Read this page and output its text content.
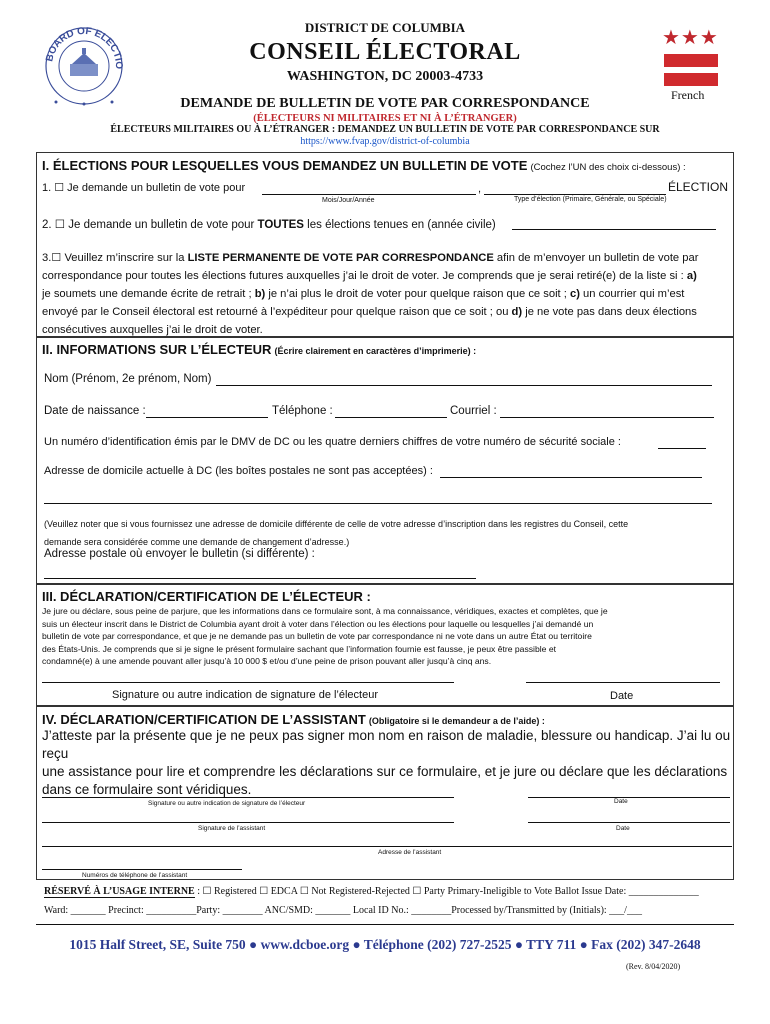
BOARD OF ELECTIO
DISTRICT DE COLUMBIA
CONSEIL ÉLECTORAL
WASHINGTON, DC 20003-4733
★★★
French
DEMANDE DE BULLETIN DE VOTE PAR CORRESPONDANCE
(ÉLECTEURS NI MILITAIRES ET NI À L’ÉTRANGER)
ÉLECTEURS MILITAIRES OU À L’ÉTRANGER : DEMANDEZ UN BULLETIN DE VOTE PAR CORRESPONDANCE SUR
https://www.fvap.gov/district-of-columbia
I. ÉLECTIONS POUR LESQUELLES VOUS DEMANDEZ UN BULLETIN DE VOTE (Cochez l’UN des choix ci-dessous) :
1. ☐ Je demande un bulletin de vote pour	,	ÉLECTION
Mois/Jour/Année	Type d’élection (Primaire, Générale, ou Spéciale)
2. ☐ Je demande un bulletin de vote pour TOUTES les élections tenues en (année civile)
3.☐ Veuillez m’inscrire sur la LISTE PERMANENTE DE VOTE PAR CORRESPONDANCE afin de m’envoyer un bulletin de vote par
correspondance pour toutes les élections futures auxquelles j’ai le droit de voter. Je comprends que je serai retiré(e) de la liste si : a)
je soumets une demande écrite de retrait ; b) je n’ai plus le droit de voter pour quelque raison que ce soit ; c) un courrier qui m’est
envoyé par le Conseil électoral est retourné à l’expéditeur pour quelque raison que ce soit ; ou d) je ne vote pas dans deux élections
consécutives auxquelles j’ai le droit de voter.
II. INFORMATIONS SUR L’ÉLECTEUR (Écrire clairement en caractères d’imprimerie) :
Nom (Prénom, 2e prénom, Nom)
Date de naissance :	Téléphone :	Courriel :
Un numéro d’identification émis par le DMV de DC ou les quatre derniers chiffres de votre numéro de sécurité sociale :
Adresse de domicile actuelle à DC (les boîtes postales ne sont pas acceptées) :
(Veuillez noter que si vous fournissez une adresse de domicile différente de celle de votre adresse d’inscription dans les registres du Conseil, cette
demande sera considérée comme une demande de changement d’adresse.)
Adresse postale où envoyer le bulletin (si différente) :
III. DÉCLARATION/CERTIFICATION DE L’ÉLECTEUR :
Je jure ou déclare, sous peine de parjure, que les informations dans ce formulaire sont, à ma connaissance, véridiques, exactes et complètes, que je
suis un électeur inscrit dans le District de Columbia ayant droit à voter dans l’élection ou les élections pour laquelle ou lesquelles j’ai demandé un
bulletin de vote par correspondance, et que je ne demande pas un bulletin de vote par correspondance ni ne vote dans un autre État ou territoire
des États-Unis. Je comprends que si je signe le présent formulaire sachant que l’information fournie est fausse, je peux être passible et
condamné(e) à une amende pouvant aller jusqu’à 10 000 $ et/ou d’une peine de prison pouvant aller jusqu’à cinq ans.
Signature ou autre indication de signature de l’électeur	Date
IV. DÉCLARATION/CERTIFICATION DE L’ASSISTANT (Obligatoire si le demandeur a de l’aide) :
J’atteste par la présente que je ne peux pas signer mon nom en raison de maladie, blessure ou handicap. J’ai lu ou reçu
une assistance pour lire et comprendre les déclarations sur ce formulaire, et je jure ou déclare que les déclarations
dans ce formulaire sont véridiques.
Signature ou autre indication de signature de l’électeur	Date
Signature de l’assistant	Date
Adresse de l’assistant
Numéros de téléphone de l’assistant
RÉSERVÉ À L’USAGE INTERNE : ☐ Registered ☐ EDCA ☐ Not Registered-Rejected ☐ Party Primary-Ineligible to Vote Ballot Issue Date: ______________
Ward: _______ Precinct: __________Party: ________ ANC/SMD: _______ Local ID No.: ________Processed by/Transmitted by (Initials): ___/___
1015 Half Street, SE, Suite 750 ● www.dcboe.org ● Téléphone (202) 727-2525 ● TTY 711 ● Fax (202) 347-2648
(Rev. 8/04/2020)
